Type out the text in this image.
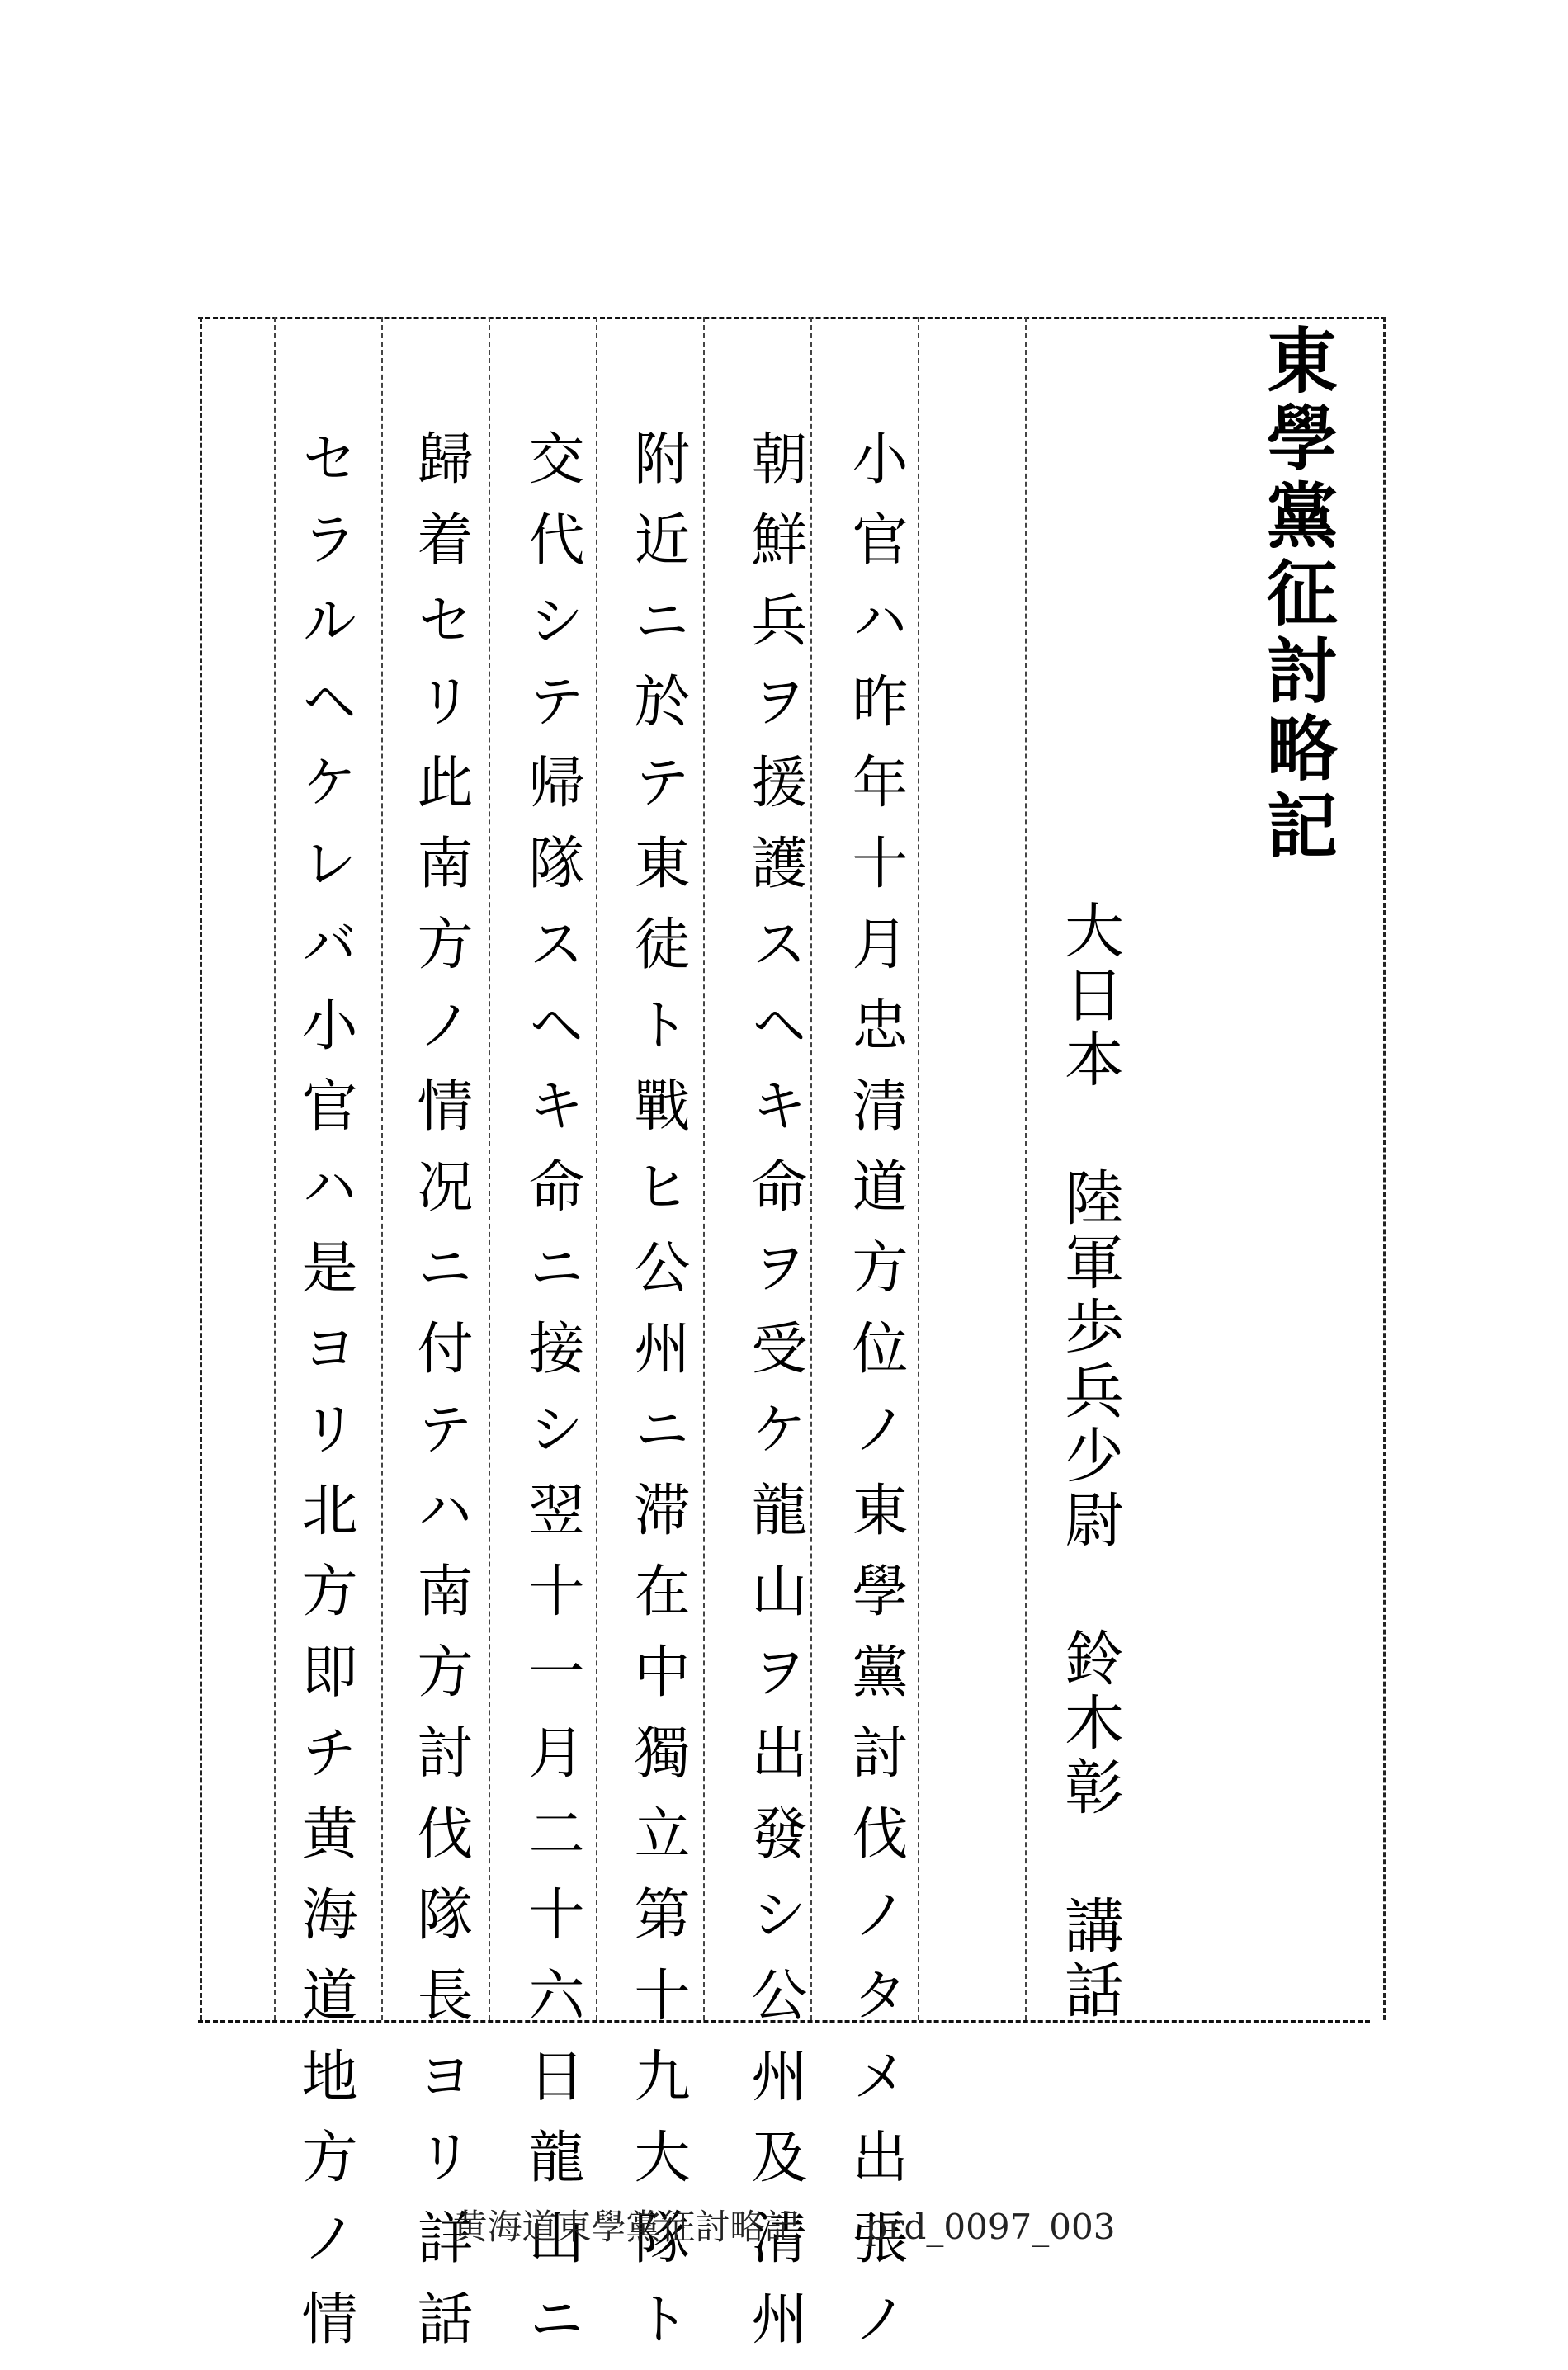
東學黨征討略記
大日本 陸軍歩兵少尉 鈴木彰 講話
小官ハ昨年十月忠清道方位ノ東學黨討伐ノタメ出張ノ
朝鮮兵ヲ援護スヘキ命ヲ受ケ龍山ヲ出發シ公州及清州
附近ニ於テ東徒ト戰ヒ公州ニ滞在中獨立第十九大隊ト
交代シテ帰隊スヘキ命ニ接シ翌十一月二十六日龍山ニ
歸着セリ此南方ノ情况ニ付テハ南方討伐隊長ヨリ詳話
セラルヘケレバ小官ハ是ヨリ北方即チ黄海道地方ノ情	黄海道東學黨征討略記 prd_0097_003
